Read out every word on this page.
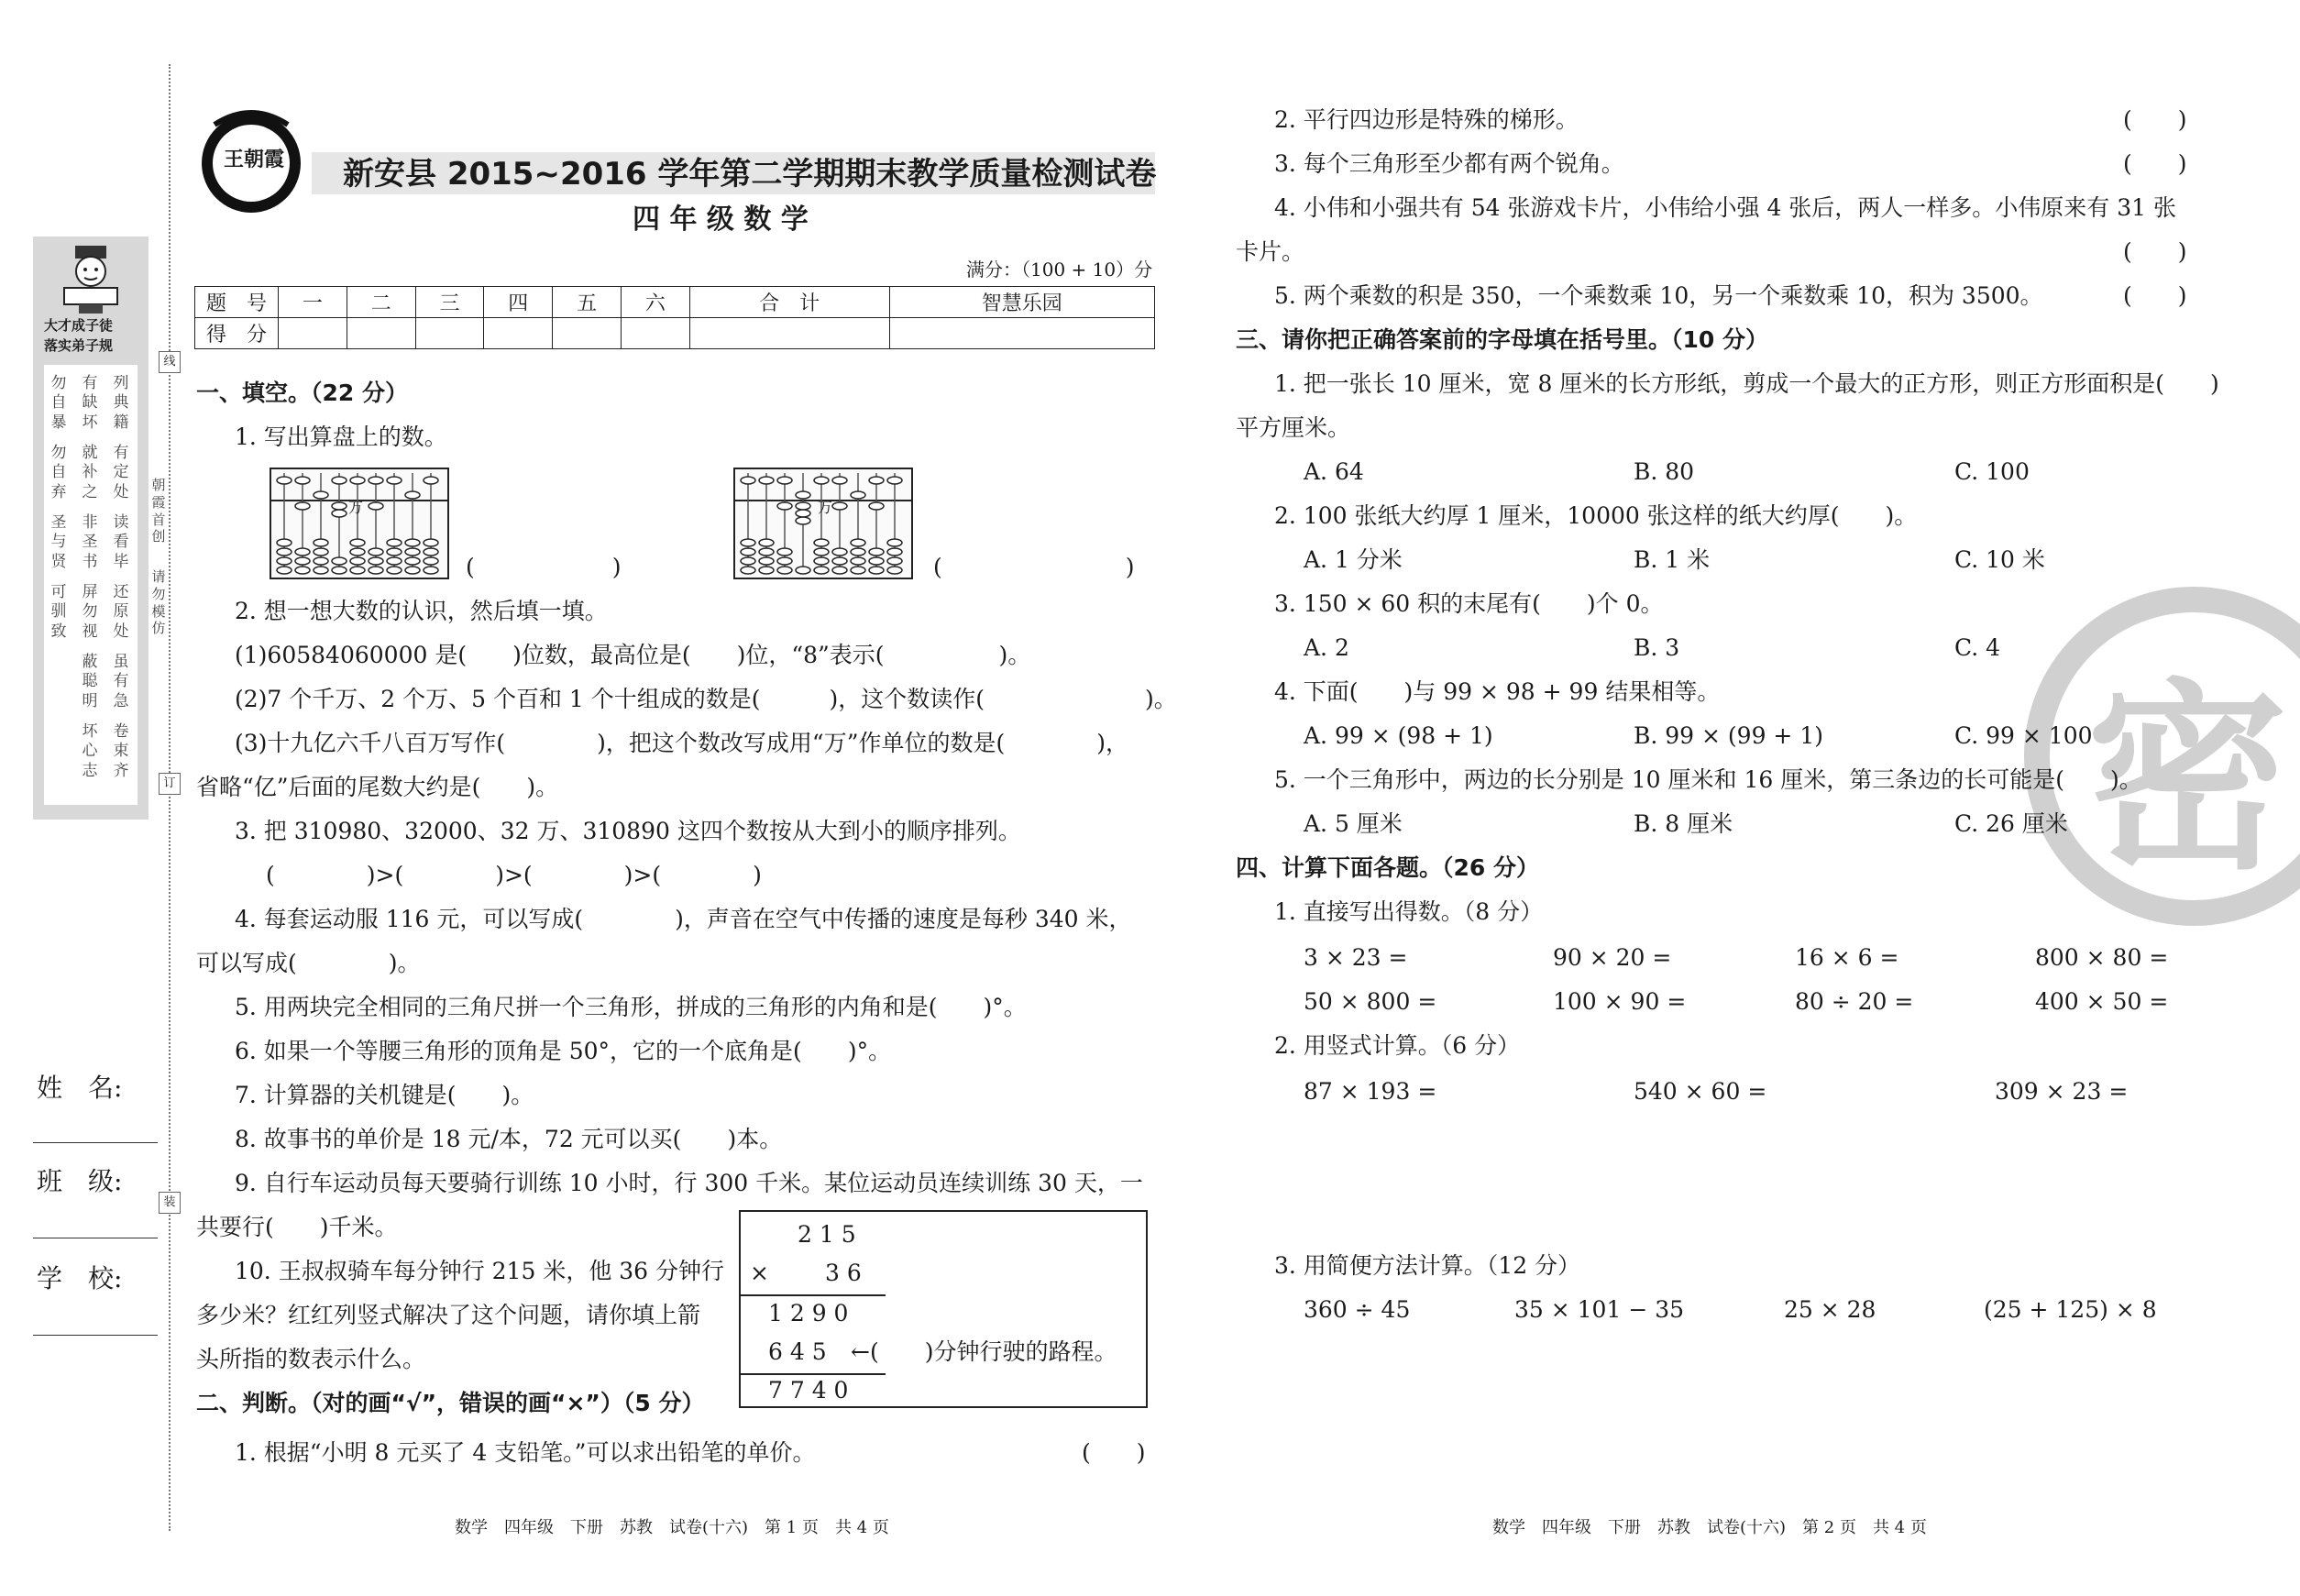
大才成子徒
落实弟子规
勿自暴
有缺坏
列典籍
勿自弃
就补之
有定处
圣与贤
非圣书
读看毕
可驯致
屏勿视
还原处
蔽聪明
虽有急
坏心志
卷束齐
姓　名:
班　级:
学　校:
线
朝霞首创
请勿模仿
订
装
王朝霞 新安县 2015~2016 学年第二学期期末教学质量检测试卷
四 年 级 数 学
满分：（100 + 10）分
题　号	一	二	三	四	五	六	合　计	智慧乐园
得　分								
一、填空。（22 分）
1. 写出算盘上的数。
万
(　　　　　　)
万
(　　　　　　　　)
2. 想一想大数的认识，然后填一填。
(1)60584060000 是(　　)位数，最高位是(　　)位，“8”表示(　　　　　)。
(2)7 个千万、2 个万、5 个百和 1 个十组成的数是(　　　)，这个数读作(　　　　　　　)。
(3)十九亿六千八百万写作(　　　　)，把这个数改写成用“万”作单位的数是(　　　　)，
省略“亿”后面的尾数大约是(　　)。
3. 把 310980、32000、32 万、310890 这四个数按从大到小的顺序排列。
(　　　　)>(　　　　)>(　　　　)>(　　　　)
4. 每套运动服 116 元，可以写成(　　　　)，声音在空气中传播的速度是每秒 340 米，
可以写成(　　　　)。
5. 用两块完全相同的三角尺拼一个三角形，拼成的三角形的内角和是(　　)°。
6. 如果一个等腰三角形的顶角是 50°，它的一个底角是(　　)°。
7. 计算器的关机键是(　　)。
8. 故事书的单价是 18 元/本，72 元可以买(　　)本。
9. 自行车运动员每天要骑行训练 10 小时，行 300 千米。某位运动员连续训练 30 天，一
共要行(　　)千米。
10. 王叔叔骑车每分钟行 215 米，他 36 分钟行
多少米？红红列竖式解决了这个问题，请你填上箭
头所指的数表示什么。
2 1 5
× 3 6
1 2 9 0
6 4 5 ←(　　)分钟行驶的路程。
7 7 4 0
二、判断。（对的画“√”，错误的画“×”）（5 分）
1. 根据“小明 8 元买了 4 支铅笔。”可以求出铅笔的单价。	(　　)
数学　四年级　下册　苏教　试卷(十六)　第 1 页　共 4 页
密
2. 平行四边形是特殊的梯形。	(　　)
3. 每个三角形至少都有两个锐角。	(　　)
4. 小伟和小强共有 54 张游戏卡片，小伟给小强 4 张后，两人一样多。小伟原来有 31 张
卡片。	(　　)
5. 两个乘数的积是 350，一个乘数乘 10，另一个乘数乘 10，积为 3500。	(　　)
三、请你把正确答案前的字母填在括号里。（10 分）
1. 把一张长 10 厘米，宽 8 厘米的长方形纸，剪成一个最大的正方形，则正方形面积是(　　)
平方厘米。
A. 64	B. 80	C. 100
2. 100 张纸大约厚 1 厘米，10000 张这样的纸大约厚(　　)。
A. 1 分米	B. 1 米	C. 10 米
3. 150 × 60 积的末尾有(　　)个 0。
A. 2	B. 3	C. 4
4. 下面(　　)与 99 × 98 + 99 结果相等。
A. 99 × (98 + 1)	B. 99 × (99 + 1)	C. 99 × 100
5. 一个三角形中，两边的长分别是 10 厘米和 16 厘米，第三条边的长可能是(　　)。
A. 5 厘米	B. 8 厘米	C. 26 厘米
四、计算下面各题。（26 分）
1. 直接写出得数。（8 分）
3 × 23 =	90 × 20 =	16 × 6 =	800 × 80 =
50 × 800 =	100 × 90 =	80 ÷ 20 =	400 × 50 =
2. 用竖式计算。（6 分）
87 × 193 =	540 × 60 =	309 × 23 =
3. 用简便方法计算。（12 分）
360 ÷ 45	35 × 101 − 35	25 × 28	(25 + 125) × 8
数学　四年级　下册　苏教　试卷(十六)　第 2 页　共 4 页
